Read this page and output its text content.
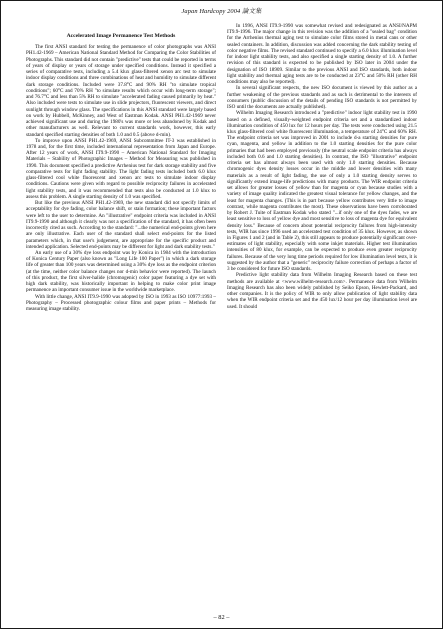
Japan Hardcopy 2004 論文集
Accelerated Image Permanence Test Methods

The first ANSI standard for testing the permanence of color photographs was ANSI PH1.42-1969 – American National Standard Method for Comparing the Color Stabilities of Photographs. This standard did not contain "predictive" tests that could be reported in terms of years of display or years of storage under specified conditions. Instead it specified a series of comparative tests, including a 5.4 klux glass-filtered xenon arc test to simulate indoor display conditions and three combinations of heat and humidity to simulate different dark storage conditions. Included were 37.8°C and 90% RH "to simulate tropical conditions"; 60°C and 70% RH "to simulate results which occur with long-term storage"; and 76.7°C and less than 5% RH to simulate "accelerated fading caused primarily by heat." Also included were tests to simulate use in slide projectors, fluorescent viewers, and direct sunlight through window glass. The specifications in this ANSI standard were largely based on work by Hubbell, McKinney, and West of Eastman Kodak. ANSI PH1.42-1969 never achieved significant use and during the 1980's was more or less abandoned by Kodak and other manufacturers as well. Relevant to current standards work, however, this early standard specified starting densities of both 1.0 and 0.5 (above d-min).

To improve upon ANSI PH1.42-1969, ANSI Subcommittee IT-3 was established in 1978 and, for the first time, included international representation from Japan and Europe. After 12 years of work, ANSI IT9.9-1990 – American National Standard for Imaging Materials – Stability of Photographic Images – Method for Measuring was published in 1990. This document specified a predictive Arrhenius test for dark storage stability and five comparative tests for light fading stability. The light fading tests included both 6.0 klux glass-filtered cool white fluorescent and xenon arc tests to simulate indoor display conditions. Cautions were given with regard to possible reciprocity failures in accelerated light stability tests, and it was recommended that tests also be conducted at 1.0 klux to assess this problem. A single starting density of 1.0 was specified.

But like the previous ANSI PH1.42-1969, the new standard did not specify limits of acceptability for dye fading, color balance shift, or stain formation; these important factors were left to the user to determine. An "illustrative" endpoint criteria was included in ANSI IT9.9-1990 and although it clearly was not a specification of the standard, it has often been incorrectly cited as such. According to the standard: "...the numerical end-points given here are only illustrative. Each user of the standard shall select end-points for the listed parameters which, in that user's judgement, are appropriate for the specific product and intended application. Selected end-points may be different for light and dark stability tests."

An early use of a 30% dye loss endpoint was by Konica in 1984 with the introduction of Konica Century Paper (also known as "Long Life 100 Paper") in which a dark storage life of greater than 100 years was determined using a 30% dye loss as the endpoint criterion (at the time, neither color balance changes nor d-min behavior were reported). The launch of this product, the first silver-halide (chromogenic) color paper featuring a dye set with high dark stability, was historically important in helping to make color print image permanence an important consumer issue in the worldwide marketplace.

With little change, ANSI IT9.9-1990 was adopted by ISO in 1993 as ISO 10977:1993 – Photography – Processed photographic colour films and paper prints – Methods for measuring image stability.

In 1996, ANSI IT9.9-1990 was somewhat revised and redesignated as ANSI/NAPM IT9.9-1996. The major change in this revision was the addition of a "sealed bag" condition for the Arrhenius thermal aging test to simulate color films stored in metal cans or other sealed containers. In addition, discussion was added concerning the dark stability testing of color negative films. The revised standard continued to specify a 6.0 klux illumination level for indoor light stability tests, and also specified a single starting density of 1.0. A further revision of this standard is expected to be published by ISO later in 2004 under the designation of ISO 18909. Similar to the previous ANSI and ISO standards, both indoor light stability and thermal aging tests are to be conducted at 23°C and 50% RH (other RH conditions may also be reported).

In several significant respects, the new ISO document is viewed by this author as a further weakening of the previous standards and as such is detrimental to the interests of consumers (public discussion of the details of pending ISO standards is not permitted by ISO until the documents are actually published).

Wilhelm Imaging Research introduced a "predictive" indoor light stability test in 1990 based on a defined, visually-weighted endpoint criteria set and a standardized indoor illumination condition of 450 lux for 12 hours per day. The tests were conducted using 21.5 klux glass-filtered cool white fluorescent illumination, a temperature of 24°C and 60% RH. The endpoint criteria set was improved in 2001 to include d-a starting densities for pure cyan, magenta, and yellow in addition to the 1.0 starting densities for the pure color primaries that had been employed previously (the neutral scale endpoint criteria has always included both 0.6 and 1.0 starting densities). In contrast, the ISO "illustrative" endpoint criteria set has almost always been used with only 1.0 starting densities. Because chromogenic dyes density losses occur in the middle and lower densities with many materials as a result of light fading, the use of only a 1.0 starting density serves to significantly extend image-life predictions with many products. The WIR endpoint criteria set allows for greater losses of yellow than for magenta or cyan because studies with a variety of image quality indicated the greatest visual tolerance for yellow changes, and the least for magenta changes. (This is in part because yellow contributes very little to image contrast, while magenta contributes the most). These observations have been corroborated by Robert J. Tuite of Eastman Kodak who stated "...if only one of the dyes fades, we are least sensitive to loss of yellow dye and most sensitive to loss of magenta dye for equivalent density loss." Because of concern about potential reciprocity failures from high-intensity tests, WIR has since 1996 used an accelerated test condition of 35 klux. However, as shown in Figures 1 and 2 (and in Table 2), this still appears to produce potentially significant over-estimates of light stability, especially with some inkjet materials. Higher test illumination intensities of 80 klux, for example, can be expected to produce even greater reciprocity failures. Because of the very long time periods required for low illumination level tests, it is suggested by the author that a "generic" reciprocity failure correction of perhaps a factor of 3 be considered for future ISO standards.

Predictive light stability data from Wilhelm Imaging Research based on these test methods are available at <www.wilhelm-research.com>. Permanence data from Wilhelm Imaging Research has also been widely published by Seiko Epson, Hewlett-Packard, and other companies. It is the policy of WIR to only allow publication of light stability data when the WIR endpoint criteria set and the 450 lux/12 hour per day illumination level are used. It should

– 82 –
